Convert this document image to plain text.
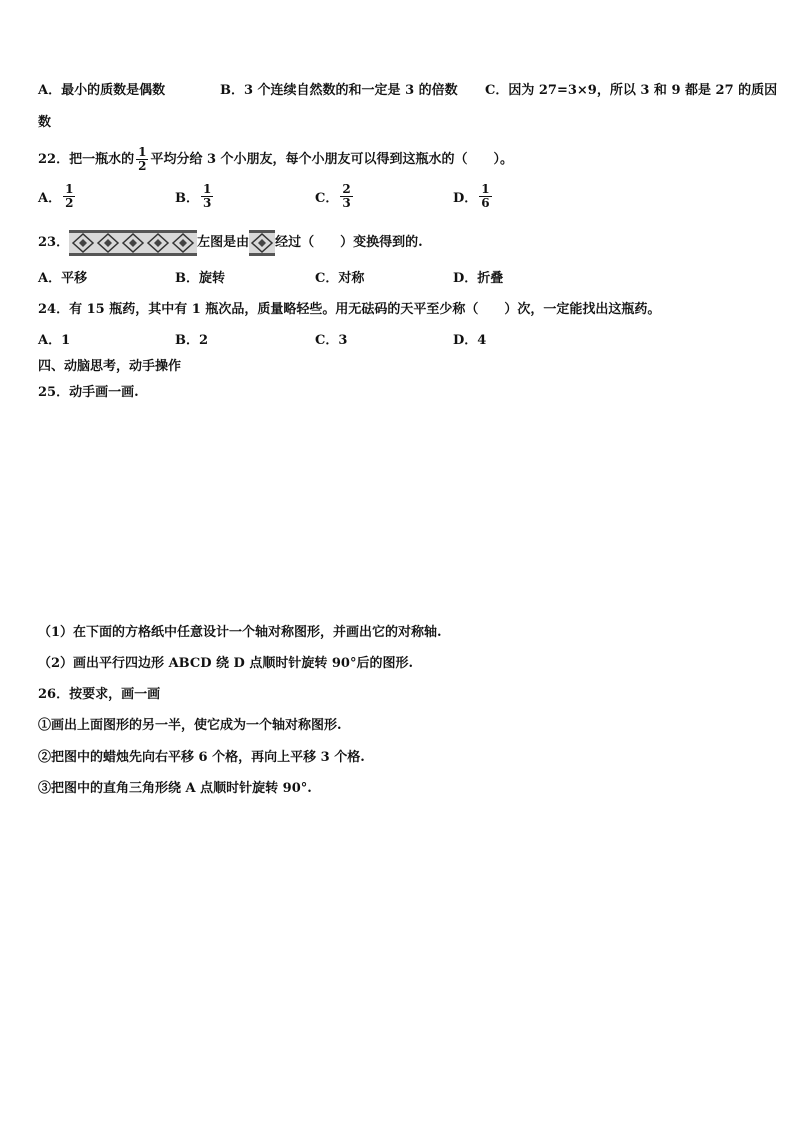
A．最小的质数是偶数	B．3 个连续自然数的和一定是 3 的倍数 C．因为 27=3×9，所以 3 和 9 都是 27 的质因
数
22．把一瓶水的 $\frac{1}{2}$ 平均分给 3 个小朋友，每个小朋友可以得到这瓶水的（　　）。
A． $\frac{1}{2}$	B． $\frac{1}{3}$	C． $\frac{2}{3}$	D． $\frac{1}{6}$
23．	左图是由 经过（　　）变换得到的.
A．平移	B．旋转	C．对称	D．折叠
24．有 15 瓶药，其中有 1 瓶次品，质量略轻些。用无砝码的天平至少称（　　）次，一定能找出这瓶药。
A．1	B．2	C．3	D．4
四、动脑思考，动手操作
25．动手画一画.
（1）在下面的方格纸中任意设计一个轴对称图形，并画出它的对称轴.
（2）画出平行四边形 ABCD 绕 D 点顺时针旋转 90°后的图形.
26．按要求，画一画
①画出上面图形的另一半，使它成为一个轴对称图形.
②把图中的蜡烛先向右平移 6 个格，再向上平移 3 个格.
③把图中的直角三角形绕 A 点顺时针旋转 90°.
